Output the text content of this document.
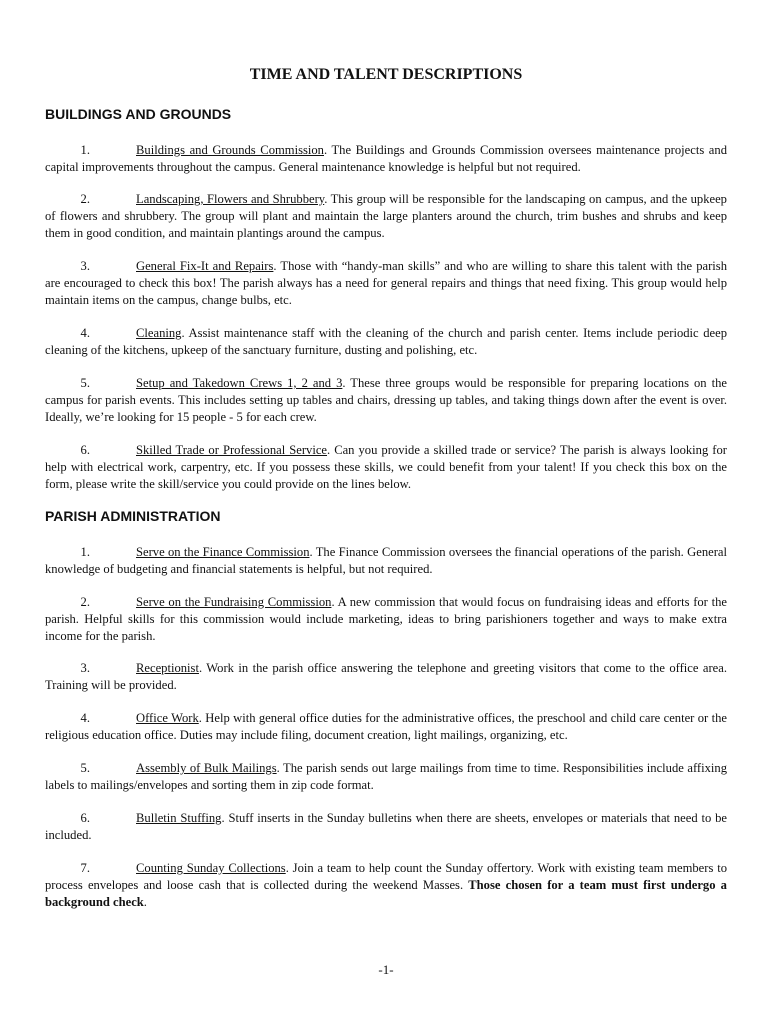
TIME AND TALENT DESCRIPTIONS
BUILDINGS AND GROUNDS
1.	Buildings and Grounds Commission. The Buildings and Grounds Commission oversees maintenance projects and capital improvements throughout the campus. General maintenance knowledge is helpful but not required.
2.	Landscaping, Flowers and Shrubbery. This group will be responsible for the landscaping on campus, and the upkeep of flowers and shrubbery. The group will plant and maintain the large planters around the church, trim bushes and shrubs and keep them in good condition, and maintain plantings around the campus.
3.	General Fix-It and Repairs. Those with “handy-man skills” and who are willing to share this talent with the parish are encouraged to check this box! The parish always has a need for general repairs and things that need fixing. This group would help maintain items on the campus, change bulbs, etc.
4.	Cleaning. Assist maintenance staff with the cleaning of the church and parish center. Items include periodic deep cleaning of the kitchens, upkeep of the sanctuary furniture, dusting and polishing, etc.
5.	Setup and Takedown Crews 1, 2 and 3. These three groups would be responsible for preparing locations on the campus for parish events. This includes setting up tables and chairs, dressing up tables, and taking things down after the event is over. Ideally, we’re looking for 15 people - 5 for each crew.
6.	Skilled Trade or Professional Service. Can you provide a skilled trade or service? The parish is always looking for help with electrical work, carpentry, etc. If you possess these skills, we could benefit from your talent! If you check this box on the form, please write the skill/service you could provide on the lines below.
PARISH ADMINISTRATION
1.	Serve on the Finance Commission. The Finance Commission oversees the financial operations of the parish. General knowledge of budgeting and financial statements is helpful, but not required.
2.	Serve on the Fundraising Commission. A new commission that would focus on fundraising ideas and efforts for the parish. Helpful skills for this commission would include marketing, ideas to bring parishioners together and ways to make extra income for the parish.
3.	Receptionist. Work in the parish office answering the telephone and greeting visitors that come to the office area. Training will be provided.
4.	Office Work. Help with general office duties for the administrative offices, the preschool and child care center or the religious education office. Duties may include filing, document creation, light mailings, organizing, etc.
5.	Assembly of Bulk Mailings. The parish sends out large mailings from time to time. Responsibilities include affixing labels to mailings/envelopes and sorting them in zip code format.
6.	Bulletin Stuffing. Stuff inserts in the Sunday bulletins when there are sheets, envelopes or materials that need to be included.
7.	Counting Sunday Collections. Join a team to help count the Sunday offertory. Work with existing team members to process envelopes and loose cash that is collected during the weekend Masses. Those chosen for a team must first undergo a background check.
-1-
